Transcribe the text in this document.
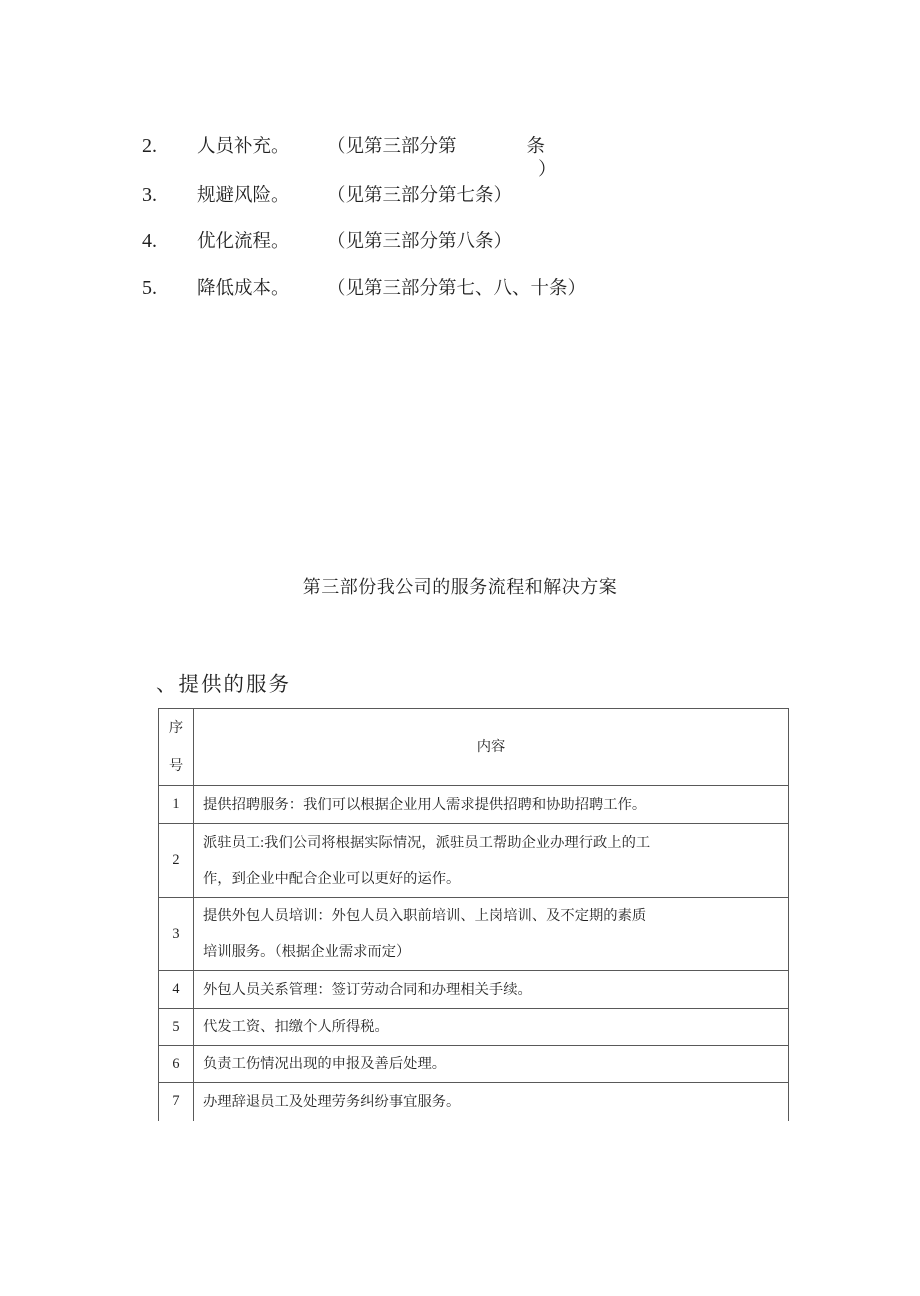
2. 人员补充。 （见第三部分第	条
）
3. 规避风险。 （见第三部分第七条）
4. 优化流程。 （见第三部分第八条）
5. 降低成本。 （见第三部分第七、八、十条）
第三部份我公司的服务流程和解决方案
、提供的服务
序
号	内容
1	提供招聘服务：我们可以根据企业用人需求提供招聘和协助招聘工作。

2	派驻员工:我们公司将根据实际情况，派驻员工帮助企业办理行政上的工
作，到企业中配合企业可以更好的运作。

3	提供外包人员培训：外包人员入职前培训、上岗培训、及不定期的素质
培训服务。（根据企业需求而定）

4	外包人员关系管理：签订劳动合同和办理相关手续。

5	代发工资、扣缴个人所得税。

6	负责工伤情况出现的申报及善后处理。

7	办理辞退员工及处理劳务纠纷事宜服务。
